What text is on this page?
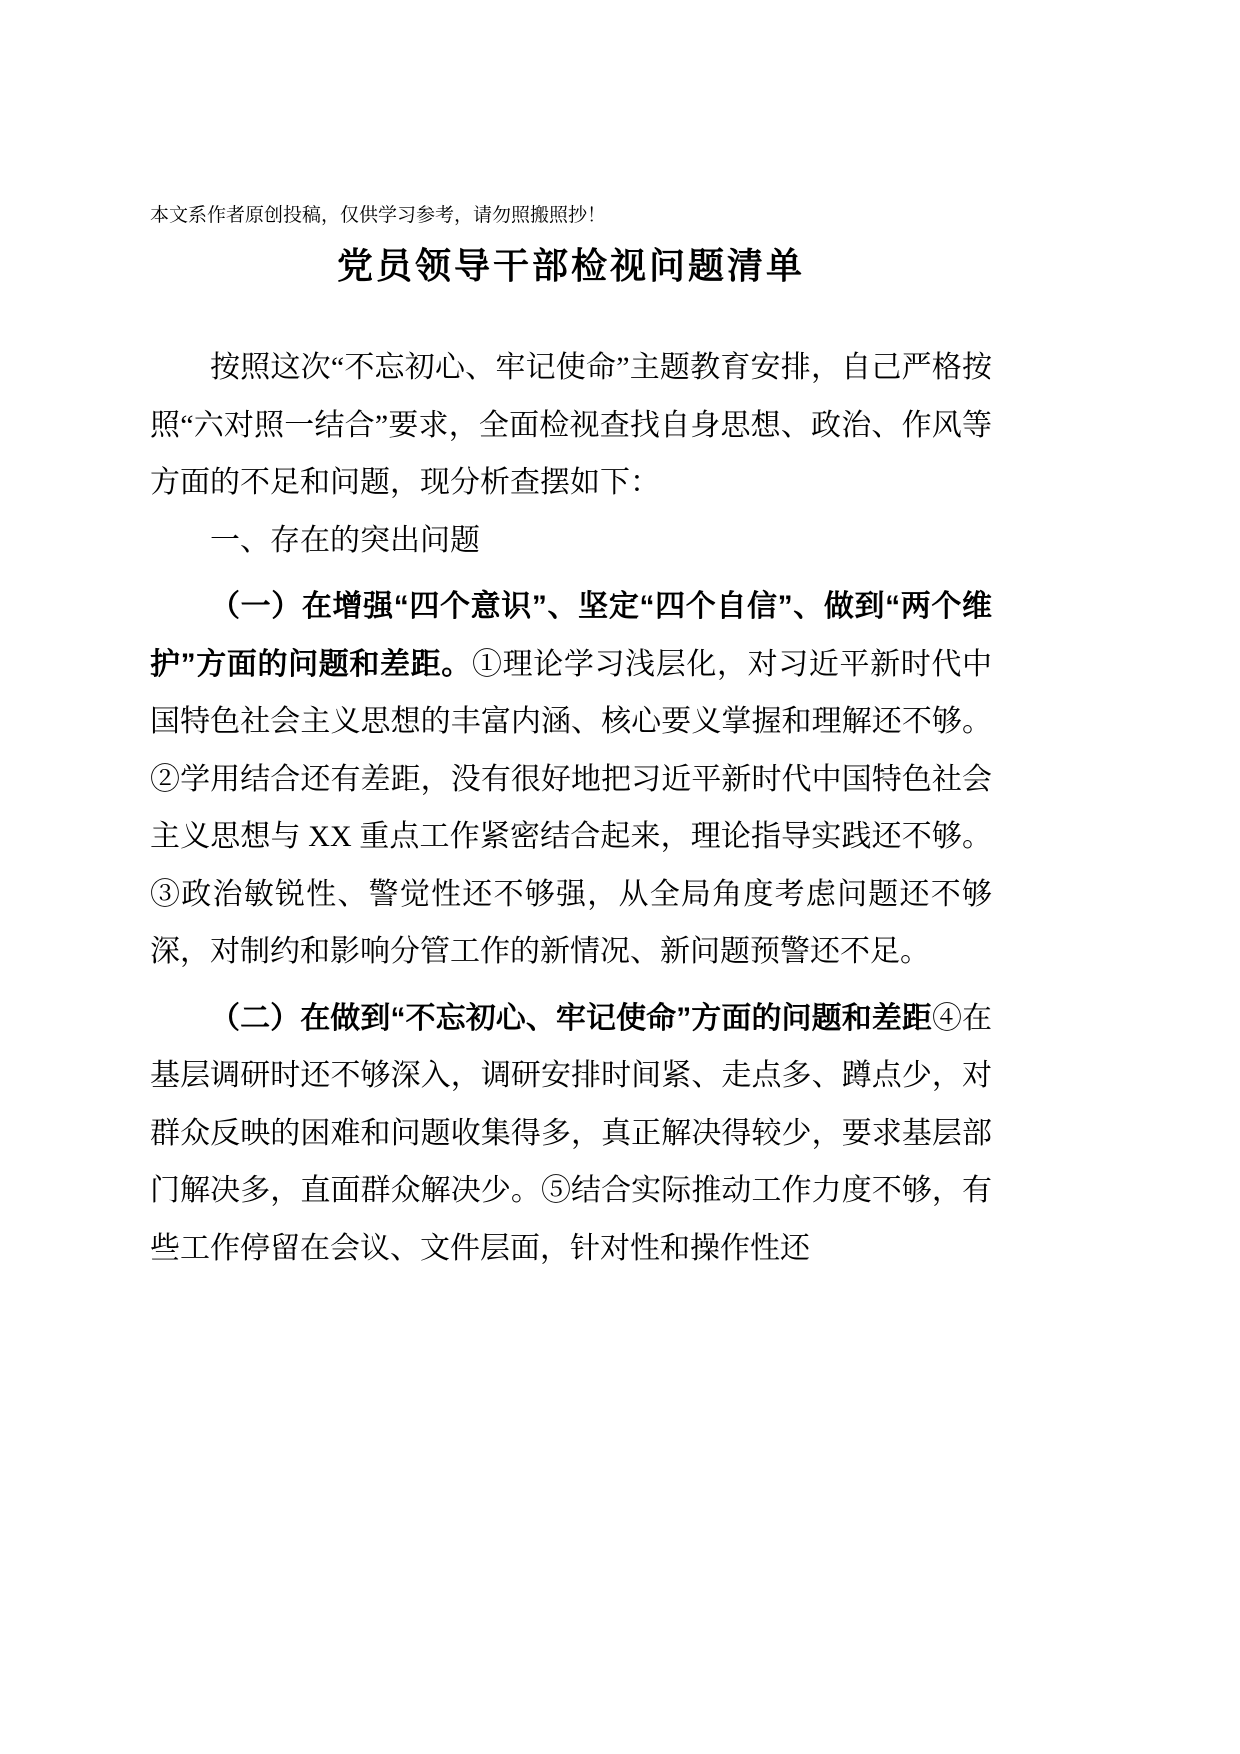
本文系作者原创投稿，仅供学习参考，请勿照搬照抄！
党员领导干部检视问题清单

按照这次“不忘初心、牢记使命”主题教育安排，自己严格按照“六对照一结合”要求，全面检视查找自身思想、政治、作风等方面的不足和问题，现分析查摆如下：

一、存在的突出问题

（一）在增强“四个意识”、坚定“四个自信”、做到“两个维护”方面的问题和差距。①理论学习浅层化，对习近平新时代中国特色社会主义思想的丰富内涵、核心要义掌握和理解还不够。②学用结合还有差距，没有很好地把习近平新时代中国特色社会主义思想与 XX 重点工作紧密结合起来，理论指导实践还不够。③政治敏锐性、警觉性还不够强，从全局角度考虑问题还不够深，对制约和影响分管工作的新情况、新问题预警还不足。

（二）在做到“不忘初心、牢记使命”方面的问题和差距④在基层调研时还不够深入，调研安排时间紧、走点多、蹲点少，对群众反映的困难和问题收集得多，真正解决得较少，要求基层部门解决多，直面群众解决少。⑤结合实际推动工作力度不够，有些工作停留在会议、文件层面，针对性和操作性还
